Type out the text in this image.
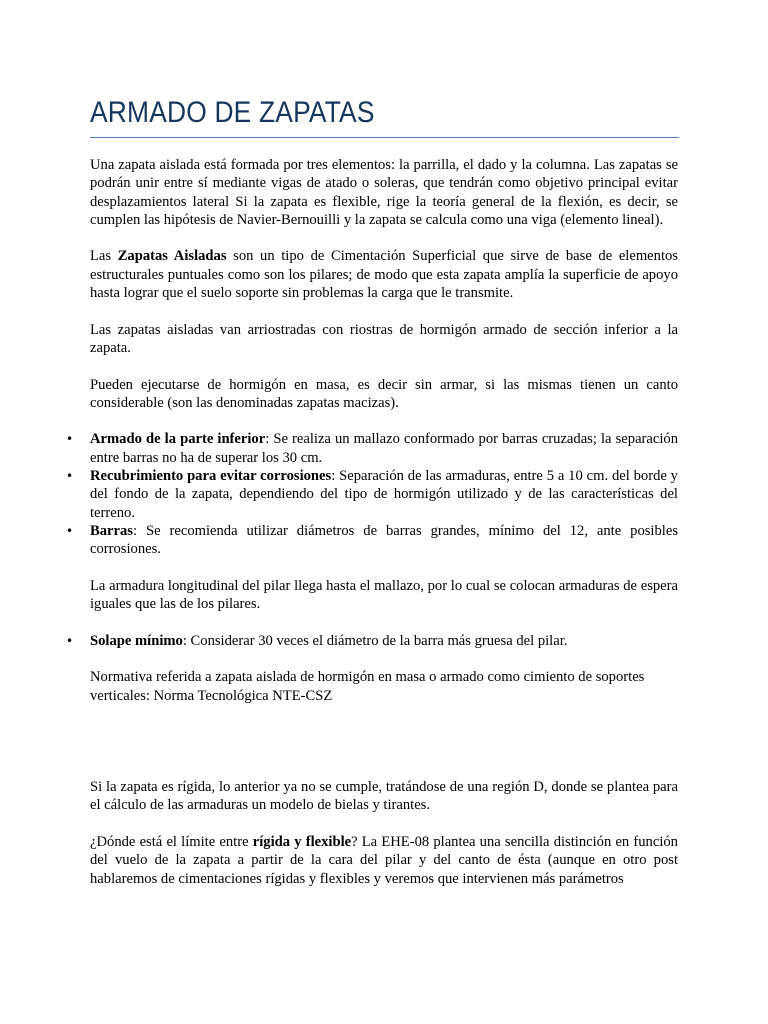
ARMADO DE ZAPATAS

Una zapata aislada está formada por tres elementos: la parrilla, el dado y la columna. Las zapatas se podrán unir entre sí mediante vigas de atado o soleras, que tendrán como objetivo principal evitar desplazamientos lateral Si la zapata es flexible, rige la teoría general de la flexión, es decir, se cumplen las hipótesis de Navier-Bernouilli y la zapata se calcula como una viga (elemento lineal).

Las Zapatas Aisladas son un tipo de Cimentación Superficial que sirve de base de elementos estructurales puntuales como son los pilares; de modo que esta zapata amplía la superficie de apoyo hasta lograr que el suelo soporte sin problemas la carga que le transmite.

Las zapatas aisladas van arriostradas con riostras de hormigón armado de sección inferior a la zapata.

Pueden ejecutarse de hormigón en masa, es decir sin armar, si las mismas tienen un canto considerable (son las denominadas zapatas macizas).

• Armado de la parte inferior: Se realiza un mallazo conformado por barras cruzadas; la separación entre barras no ha de superar los 30 cm.
• Recubrimiento para evitar corrosiones: Separación de las armaduras, entre 5 a 10 cm. del borde y del fondo de la zapata, dependiendo del tipo de hormigón utilizado y de las características del terreno.
• Barras: Se recomienda utilizar diámetros de barras grandes, mínimo del 12, ante posibles corrosiones.

La armadura longitudinal del pilar llega hasta el mallazo, por lo cual se colocan armaduras de espera iguales que las de los pilares.

• Solape mínimo: Considerar 30 veces el diámetro de la barra más gruesa del pilar.

Normativa referida a zapata aislada de hormigón en masa o armado como cimiento de soportes verticales: Norma Tecnológica NTE-CSZ

Si la zapata es rígida, lo anterior ya no se cumple, tratándose de una región D, donde se plantea para el cálculo de las armaduras un modelo de bielas y tirantes.

¿Dónde está el límite entre rígida y flexible? La EHE-08 plantea una sencilla distinción en función del vuelo de la zapata a partir de la cara del pilar y del canto de ésta (aunque en otro post hablaremos de cimentaciones rígidas y flexibles y veremos que intervienen más parámetros
